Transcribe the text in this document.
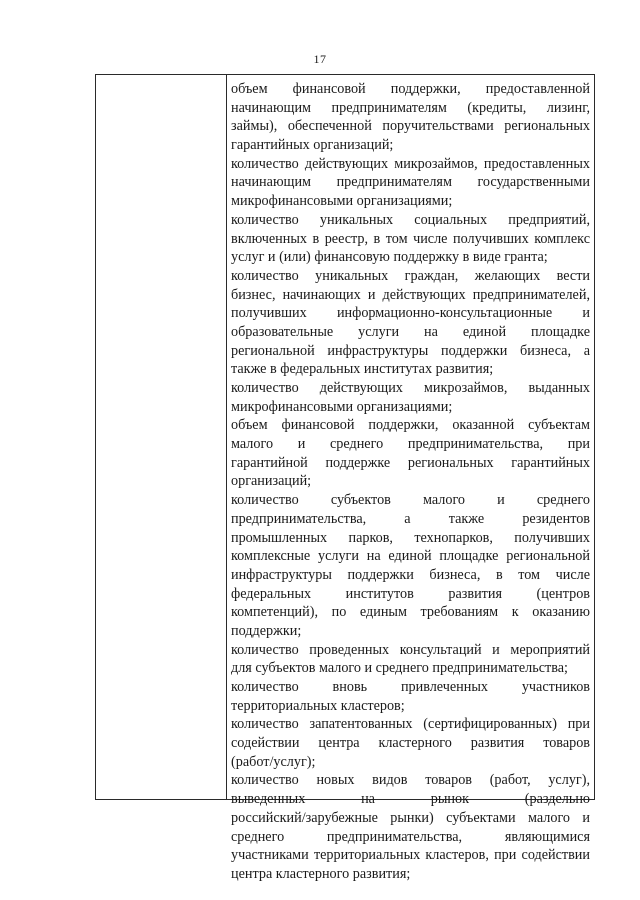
17
объем финансовой поддержки, предоставленной
начинающим предпринимателям (кредиты, лизинг,
займы), обеспеченной поручительствами региональных
гарантийных организаций;
количество действующих микрозаймов, предоставленных
начинающим предпринимателям государственными
микрофинансовыми организациями;
количество уникальных социальных предприятий,
включенных в реестр, в том числе получивших комплекс
услуг и (или) финансовую поддержку в виде гранта;
количество уникальных граждан, желающих вести
бизнес, начинающих и действующих предпринимателей,
получивших информационно-консультационные и
образовательные услуги на единой площадке
региональной инфраструктуры поддержки бизнеса, а
также в федеральных институтах развития;
количество действующих микрозаймов, выданных
микрофинансовыми организациями;
объем финансовой поддержки, оказанной субъектам
малого и среднего предпринимательства, при
гарантийной поддержке региональных гарантийных
организаций;
количество субъектов малого и среднего
предпринимательства, а также резидентов
промышленных парков, технопарков, получивших
комплексные услуги на единой площадке региональной
инфраструктуры поддержки бизнеса, в том числе
федеральных институтов развития (центров
компетенций), по единым требованиям к оказанию
поддержки;
количество проведенных консультаций и мероприятий
для субъектов малого и среднего предпринимательства;
количество вновь привлеченных участников
территориальных кластеров;
количество запатентованных (сертифицированных) при
содействии центра кластерного развития товаров
(работ/услуг);
количество новых видов товаров (работ, услуг),
выведенных на рынок (раздельно
российский/зарубежные рынки) субъектами малого и
среднего предпринимательства, являющимися
участниками территориальных кластеров, при содействии
центра кластерного развития;
